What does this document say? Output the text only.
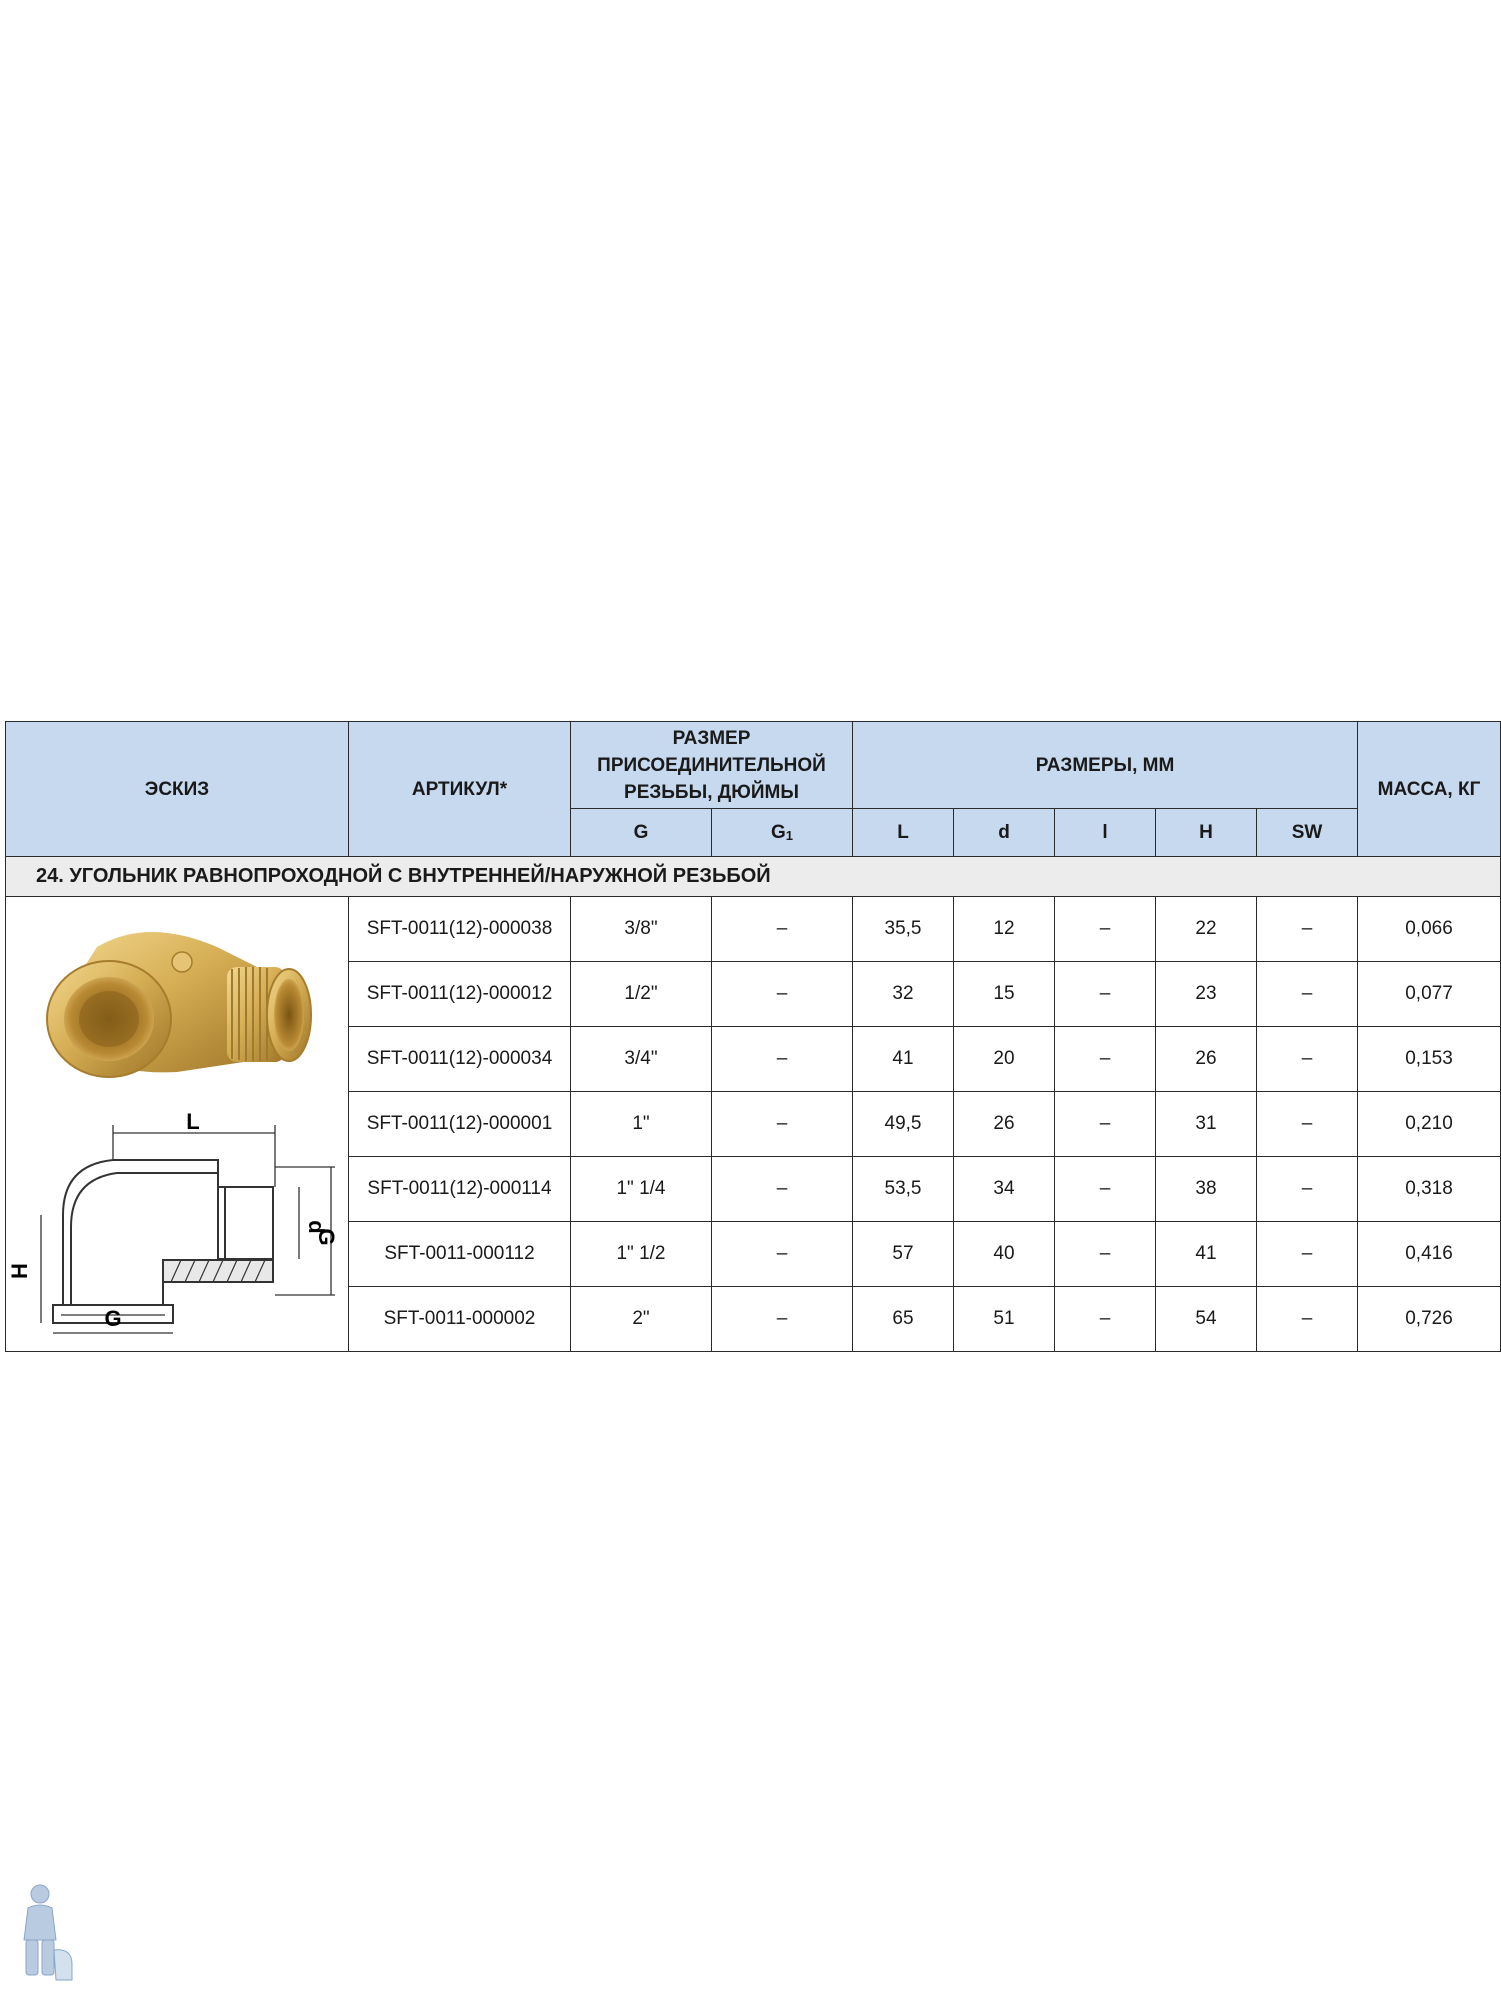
ЭСКИЗ	АРТИКУЛ*	РАЗМЕР ПРИСОЕДИНИТЕЛЬНОЙ РЕЗЬБЫ, ДЮЙМЫ		РАЗМЕРЫ, ММ					МАССА, КГ
		G	$G_1$	L	d	l	H	SW	
24. УГОЛЬНИК РАВНОПРОХОДНОЙ С ВНУТРЕННЕЙ/НАРУЖНОЙ РЕЗЬБОЙ									

L
d
G
H
G	SFT-0011(12)-000038	3/8"	–	35,5	12	–	22	–	0,066
	SFT-0011(12)-000012	1/2"	–	32	15	–	23	–	0,077
	SFT-0011(12)-000034	3/4"	–	41	20	–	26	–	0,153
	SFT-0011(12)-000001	1"	–	49,5	26	–	31	–	0,210
	SFT-0011(12)-000114	1" 1/4	–	53,5	34	–	38	–	0,318
	SFT-0011-000112	1" 1/2	–	57	40	–	41	–	0,416
	SFT-0011-000002	2"	–	65	51	–	54	–	0,726
